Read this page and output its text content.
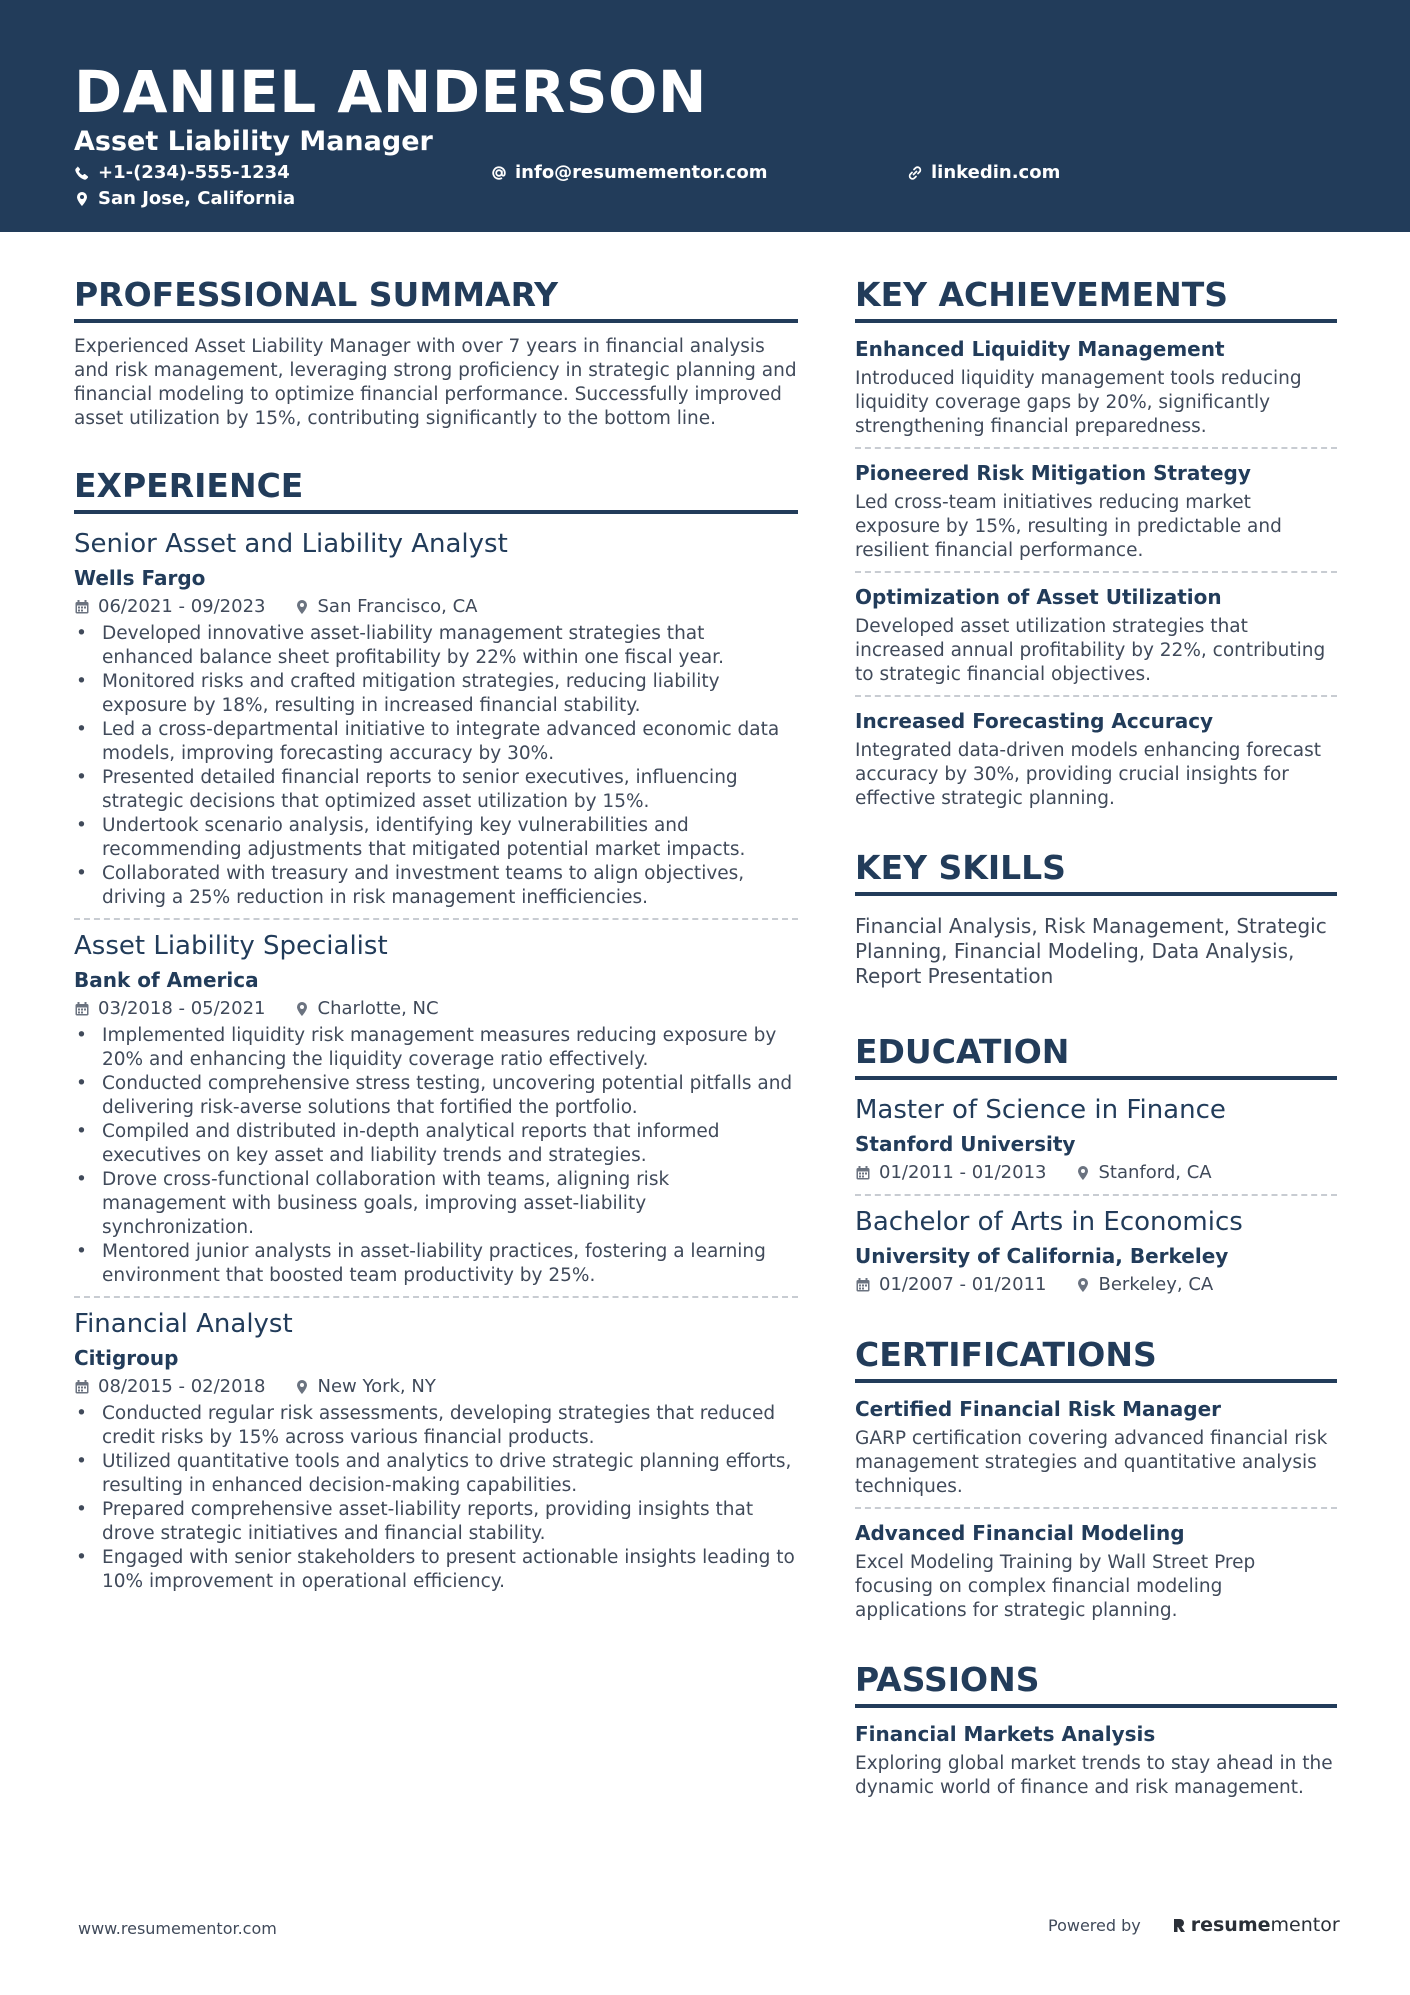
DANIEL ANDERSON
Asset Liability Manager
+1-(234)-555-1234	info@resumementor.com	linkedin.com
San Jose, California
PROFESSIONAL SUMMARY
Experienced Asset Liability Manager with over 7 years in financial analysis and risk management, leveraging strong proficiency in strategic planning and financial modeling to optimize financial performance. Successfully improved asset utilization by 15%, contributing significantly to the bottom line.
EXPERIENCE
Senior Asset and Liability Analyst
Wells Fargo
06/2021 - 09/2023	San Francisco, CA
• Developed innovative asset-liability management strategies that enhanced balance sheet profitability by 22% within one fiscal year.
• Monitored risks and crafted mitigation strategies, reducing liability exposure by 18%, resulting in increased financial stability.
• Led a cross-departmental initiative to integrate advanced economic data models, improving forecasting accuracy by 30%.
• Presented detailed financial reports to senior executives, influencing strategic decisions that optimized asset utilization by 15%.
• Undertook scenario analysis, identifying key vulnerabilities and recommending adjustments that mitigated potential market impacts.
• Collaborated with treasury and investment teams to align objectives, driving a 25% reduction in risk management inefficiencies.
Asset Liability Specialist
Bank of America
03/2018 - 05/2021	Charlotte, NC
• Implemented liquidity risk management measures reducing exposure by 20% and enhancing the liquidity coverage ratio effectively.
• Conducted comprehensive stress testing, uncovering potential pitfalls and delivering risk-averse solutions that fortified the portfolio.
• Compiled and distributed in-depth analytical reports that informed executives on key asset and liability trends and strategies.
• Drove cross-functional collaboration with teams, aligning risk management with business goals, improving asset-liability synchronization.
• Mentored junior analysts in asset-liability practices, fostering a learning environment that boosted team productivity by 25%.
Financial Analyst
Citigroup
08/2015 - 02/2018	New York, NY
• Conducted regular risk assessments, developing strategies that reduced credit risks by 15% across various financial products.
• Utilized quantitative tools and analytics to drive strategic planning efforts, resulting in enhanced decision-making capabilities.
• Prepared comprehensive asset-liability reports, providing insights that drove strategic initiatives and financial stability.
• Engaged with senior stakeholders to present actionable insights leading to 10% improvement in operational efficiency.
KEY ACHIEVEMENTS
Enhanced Liquidity Management
Introduced liquidity management tools reducing liquidity coverage gaps by 20%, significantly strengthening financial preparedness.
Pioneered Risk Mitigation Strategy
Led cross-team initiatives reducing market exposure by 15%, resulting in predictable and resilient financial performance.
Optimization of Asset Utilization
Developed asset utilization strategies that increased annual profitability by 22%, contributing to strategic financial objectives.
Increased Forecasting Accuracy
Integrated data-driven models enhancing forecast accuracy by 30%, providing crucial insights for effective strategic planning.
KEY SKILLS
Financial Analysis, Risk Management, Strategic Planning, Financial Modeling, Data Analysis, Report Presentation
EDUCATION
Master of Science in Finance
Stanford University
01/2011 - 01/2013	Stanford, CA
Bachelor of Arts in Economics
University of California, Berkeley
01/2007 - 01/2011	Berkeley, CA
CERTIFICATIONS
Certified Financial Risk Manager
GARP certification covering advanced financial risk management strategies and quantitative analysis techniques.
Advanced Financial Modeling
Excel Modeling Training by Wall Street Prep focusing on complex financial modeling applications for strategic planning.
PASSIONS
Financial Markets Analysis
Exploring global market trends to stay ahead in the dynamic world of finance and risk management.
www.resumementor.com	Powered by	resume mentor
